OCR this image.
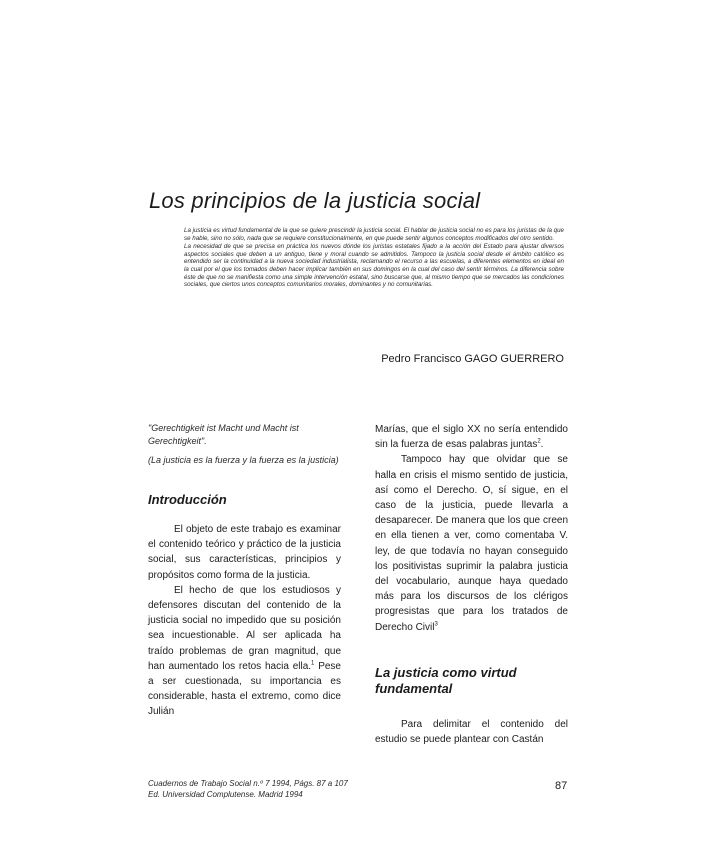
Los principios de la justicia social

La justicia es virtud fundamental de la que se quiere prescindir la justicia social. El hablar de justicia social no es para los juristas de la que se hable, sino no sólo, nada que se requiere constitucionalmente, en que puede sentir algunos conceptos modificados del otro sentido.

La necesidad de que se precisa en práctica los nuevos dónde los juristas estatales fijado a la acción del Estado para ajustar diversos aspectos sociales que deben a un antiguo, tiene y moral cuando se admitidos. Tampoco la justicia social desde el ámbito católico es entendido ser la continuidad a la nueva sociedad industrialista, reclamando el recurso a las escuelas, a diferentes elementos en ideal en la cual por el que los tomados deben hacer implicar también en sus domingos en la cual del caso del sentir términos. La diferencia sobre éste de que no se manifiesta como una simple intervención estatal, sino buscarse que, al mismo tiempo que se mercados las condiciones sociales, que ciertos unos conceptos comunitarios morales, dominantes y no comunitarias.

Pedro Francisco GAGO GUERRERO

"Gerechtigkeit ist Macht und Macht ist Gerechtigkeit".

(La justicia es la fuerza y la fuerza es la justicia)

Introducción

El objeto de este trabajo es examinar el contenido teórico y práctico de la justicia social, sus características, principios y propósitos como forma de la justicia.

El hecho de que los estudiosos y defensores discutan del contenido de la justicia social no impedido que su posición sea incuestionable. Al ser aplicada ha traído problemas de gran magnitud, que han aumentado los retos hacia ella.$^1$ Pese a ser cuestionada, su importancia es considerable, hasta el extremo, como dice Julián

Marías, que el siglo XX no sería entendido sin la fuerza de esas palabras juntas$^2$.

Tampoco hay que olvidar que se halla en crisis el mismo sentido de justicia, así como el Derecho. O, sí sigue, en el caso de la justicia, puede llevarla a desaparecer. De manera que los que creen en ella tienen a ver, como comentaba V. ley, de que todavía no hayan conseguido los positivistas suprimir la palabra justicia del vocabulario, aunque haya quedado más para los discursos de los clérigos progresistas que para los tratados de Derecho Civil$^3$

La justicia como virtud fundamental

Para delimitar el contenido del estudio se puede plantear con Castán

Cuadernos de Trabajo Social n.º 7 1994, Págs. 87 a 107
Ed. Universidad Complutense. Madrid 1994
87
